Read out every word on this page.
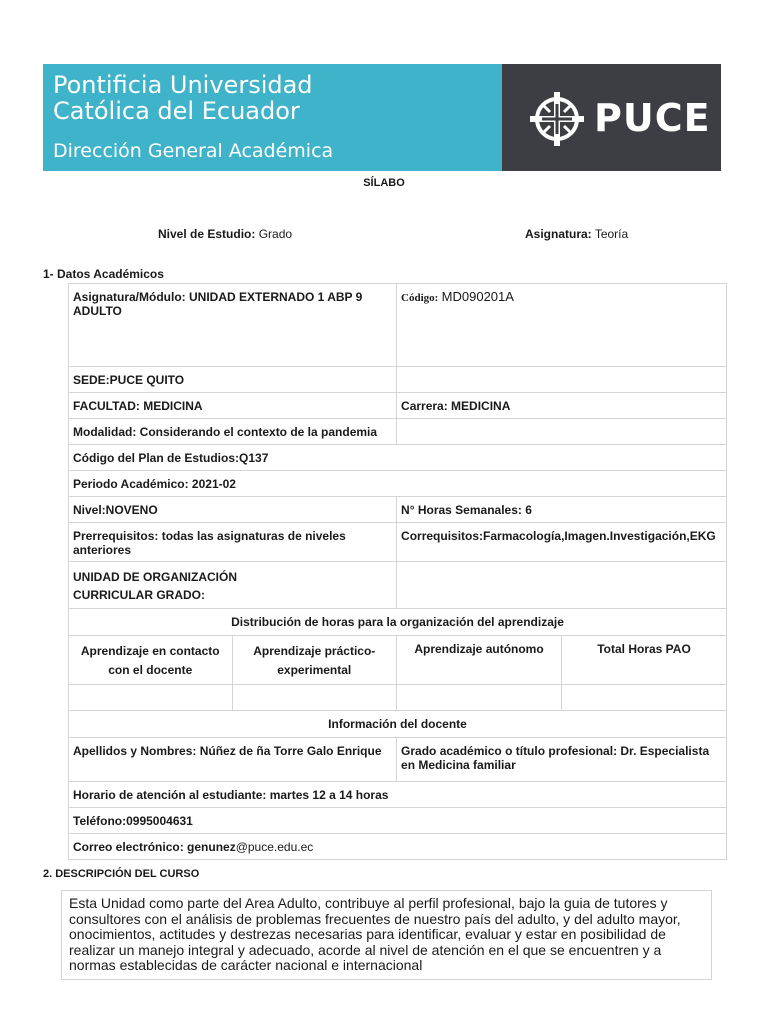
Pontificia Universidad
Católica del Ecuador
Dirección General Académica
PUCE
SÍLABO
Nivel de Estudio: Grado	Asignatura: Teoría
1- Datos Académicos
Asignatura/Módulo: UNIDAD EXTERNADO 1 ABP 9 ADULTO		Código: MD090201A	
SEDE:PUCE QUITO			
FACULTAD: MEDICINA		Carrera: MEDICINA	
Modalidad: Considerando el contexto de la pandemia			
Código del Plan de Estudios:Q137			
Periodo Académico: 2021-02			
Nivel:NOVENO		N° Horas Semanales: 6	
Prerrequisitos: todas las asignaturas de niveles anteriores		Correquisitos:Farmacología,Imagen.Investigación,EKG	

UNIDAD DE ORGANIZACIÓN
CURRICULAR GRADO:			

Distribución de horas para la organización del aprendizaje			
Aprendizaje en contacto con el docente	Aprendizaje práctico-experimental	Aprendizaje autónomo	Total Horas PAO

Información del docente			
Apellidos y Nombres: Núñez de ña Torre Galo Enrique		Grado académico o título profesional: Dr. Especialista en Medicina familiar	
Horario de atención al estudiante: martes 12 a 14 horas			
Teléfono:0995004631			
Correo electrónico: genunez@puce.edu.ec			
2. DESCRIPCIÓN DEL CURSO
Esta Unidad como parte del Area Adulto, contribuye al perfil profesional, bajo la guia de tutores y consultores con el análisis de problemas frecuentes de nuestro país del adulto, y del adulto mayor, onocimientos, actitudes y destrezas necesarias para identificar, evaluar y estar en posibilidad de realizar un manejo integral y adecuado, acorde al nivel de atención en el que se encuentren y a normas establecidas de carácter nacional e internacional
